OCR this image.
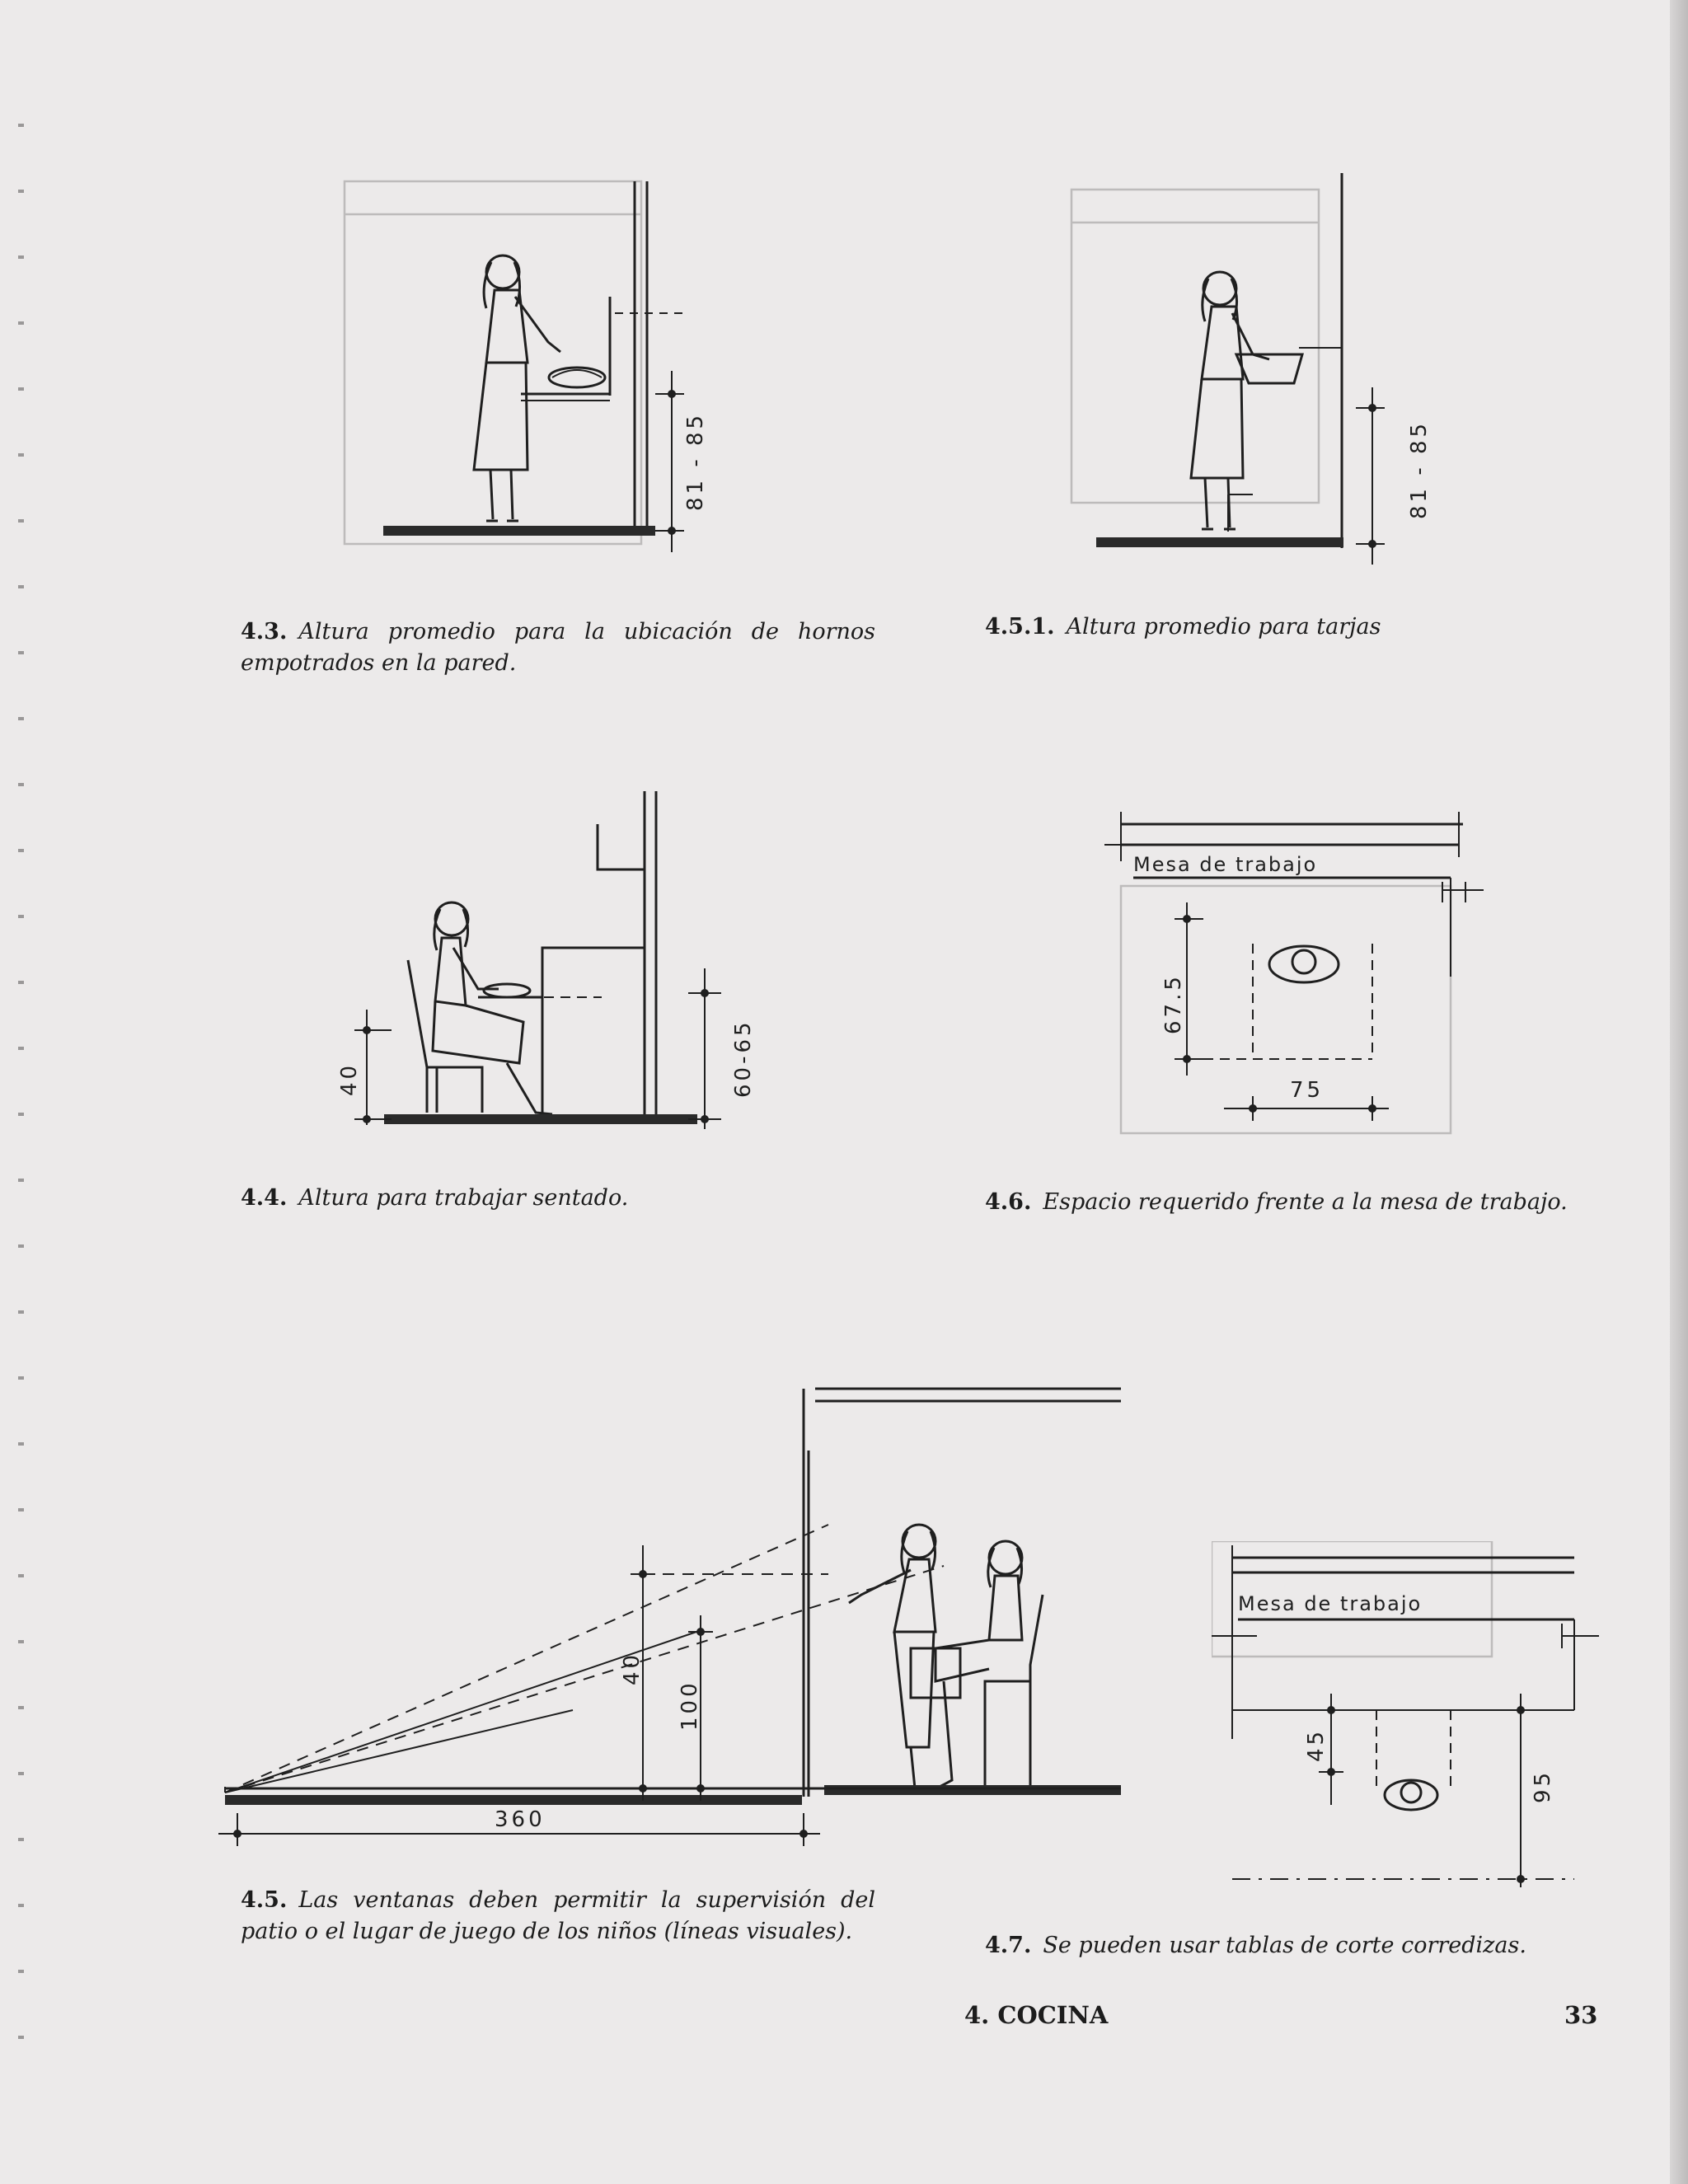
81 - 85
4.3. Altura promedio para la ubicación de hornos empotrados en la pared.
81 - 85
4.5.1. Altura promedio para tarjas
40	60-65
4.4. Altura para trabajar sentado.
Mesa de trabajo
67.5
75
4.6. Espacio requerido frente a la mesa de trabajo.
40
100
360
4.5. Las ventanas deben permitir la supervisión del patio o el lugar de juego de los niños (líneas visuales).
Mesa de trabajo
45
95
4.7. Se pueden usar tablas de corte corredizas.
4. COCINA	33
